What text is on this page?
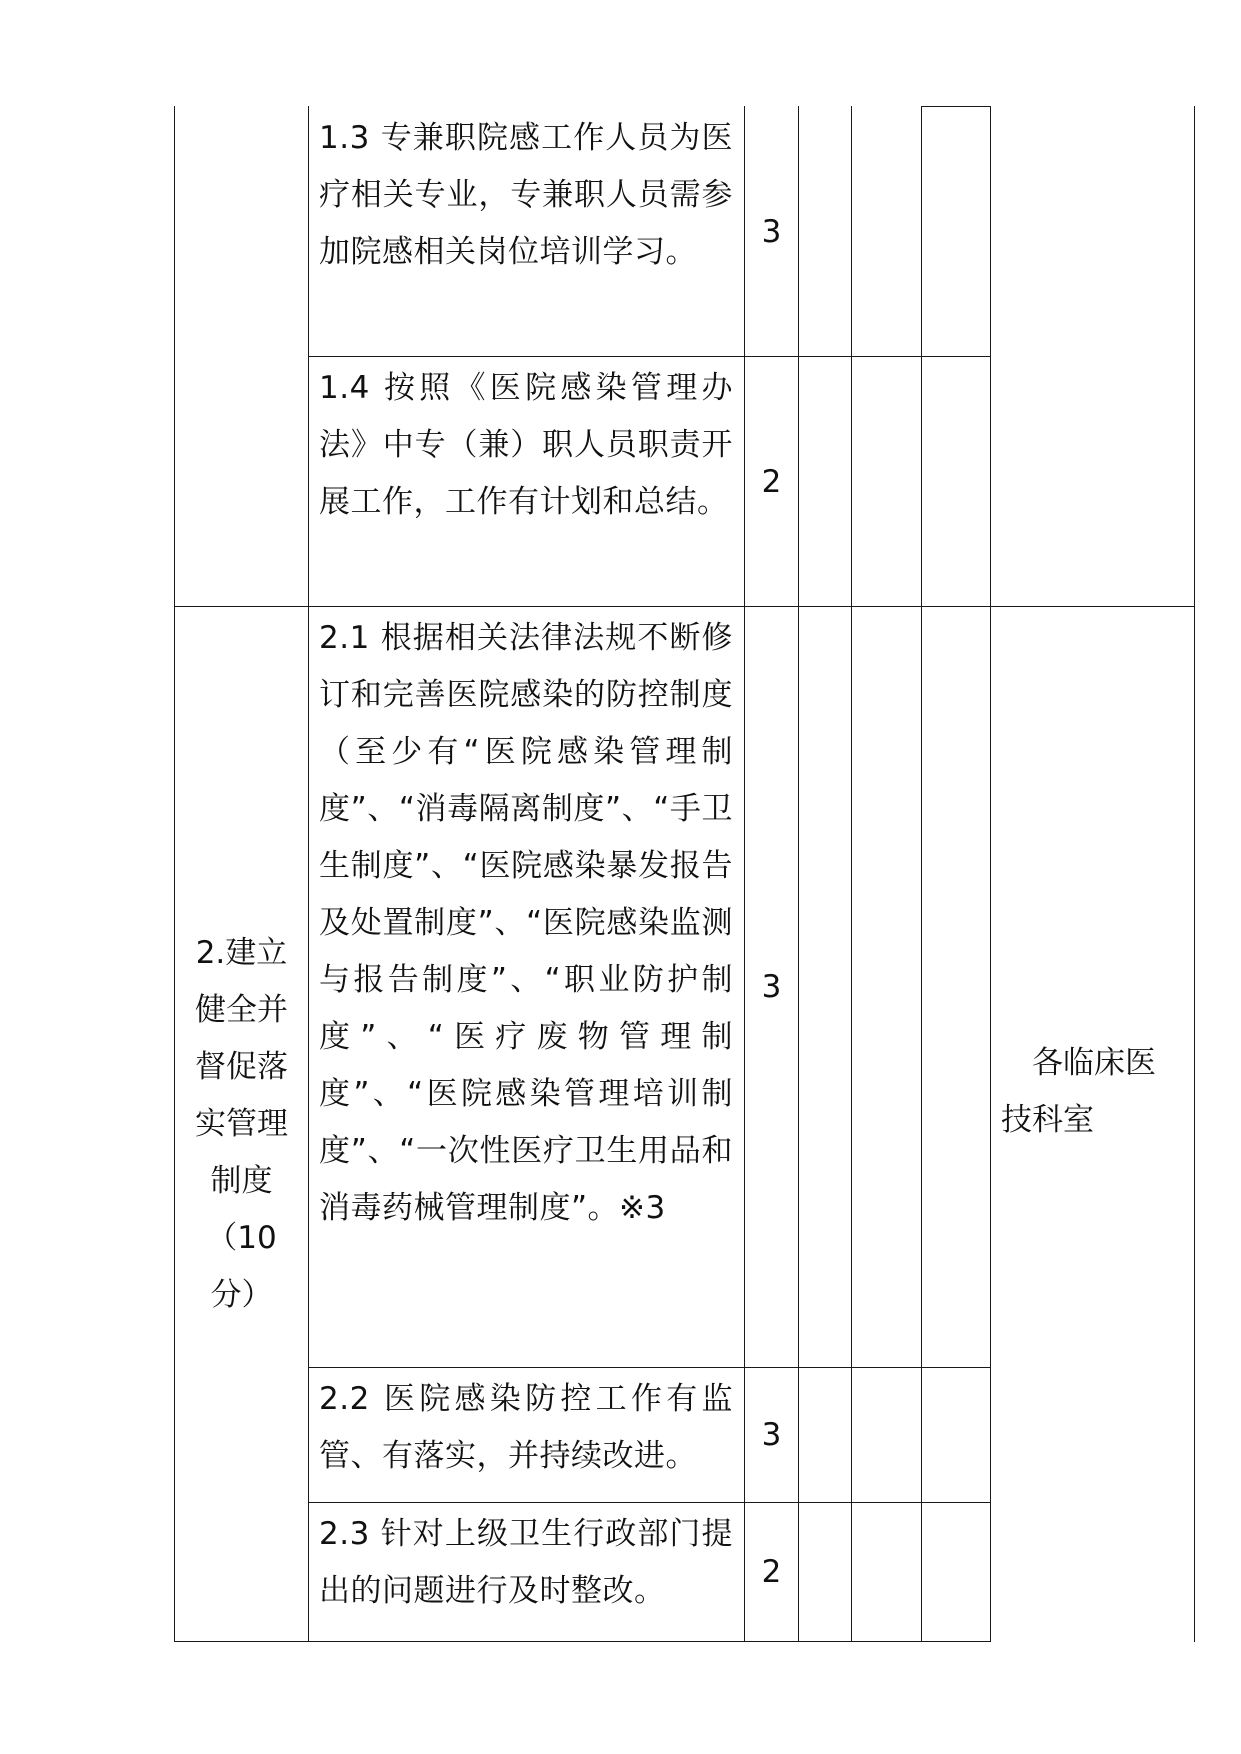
1.3 专兼职院感工作人员为医疗相关专业，专兼职人员需参加院感相关岗位培训学习。
3
1.4 按照《医院感染管理办法》中专（兼）职人员职责开展工作，工作有计划和总结。
2
2.建立
健全并
督促落
实管理
制度
（10
分）
2.1 根据相关法律法规不断修订和完善医院感染的防控制度（至少有“医院感染管理制度”、“消毒隔离制度”、“手卫生制度”、“医院感染暴发报告及处置制度”、“医院感染监测与报告制度”、“职业防护制度”、“医疗废物管理制度”、“医院感染管理培训制度”、“一次性医疗卫生用品和消毒药械管理制度”。※3
3
2.2 医院感染防控工作有监管、有落实，并持续改进。
3
2.3 针对上级卫生行政部门提出的问题进行及时整改。
2
各临床医技科室
